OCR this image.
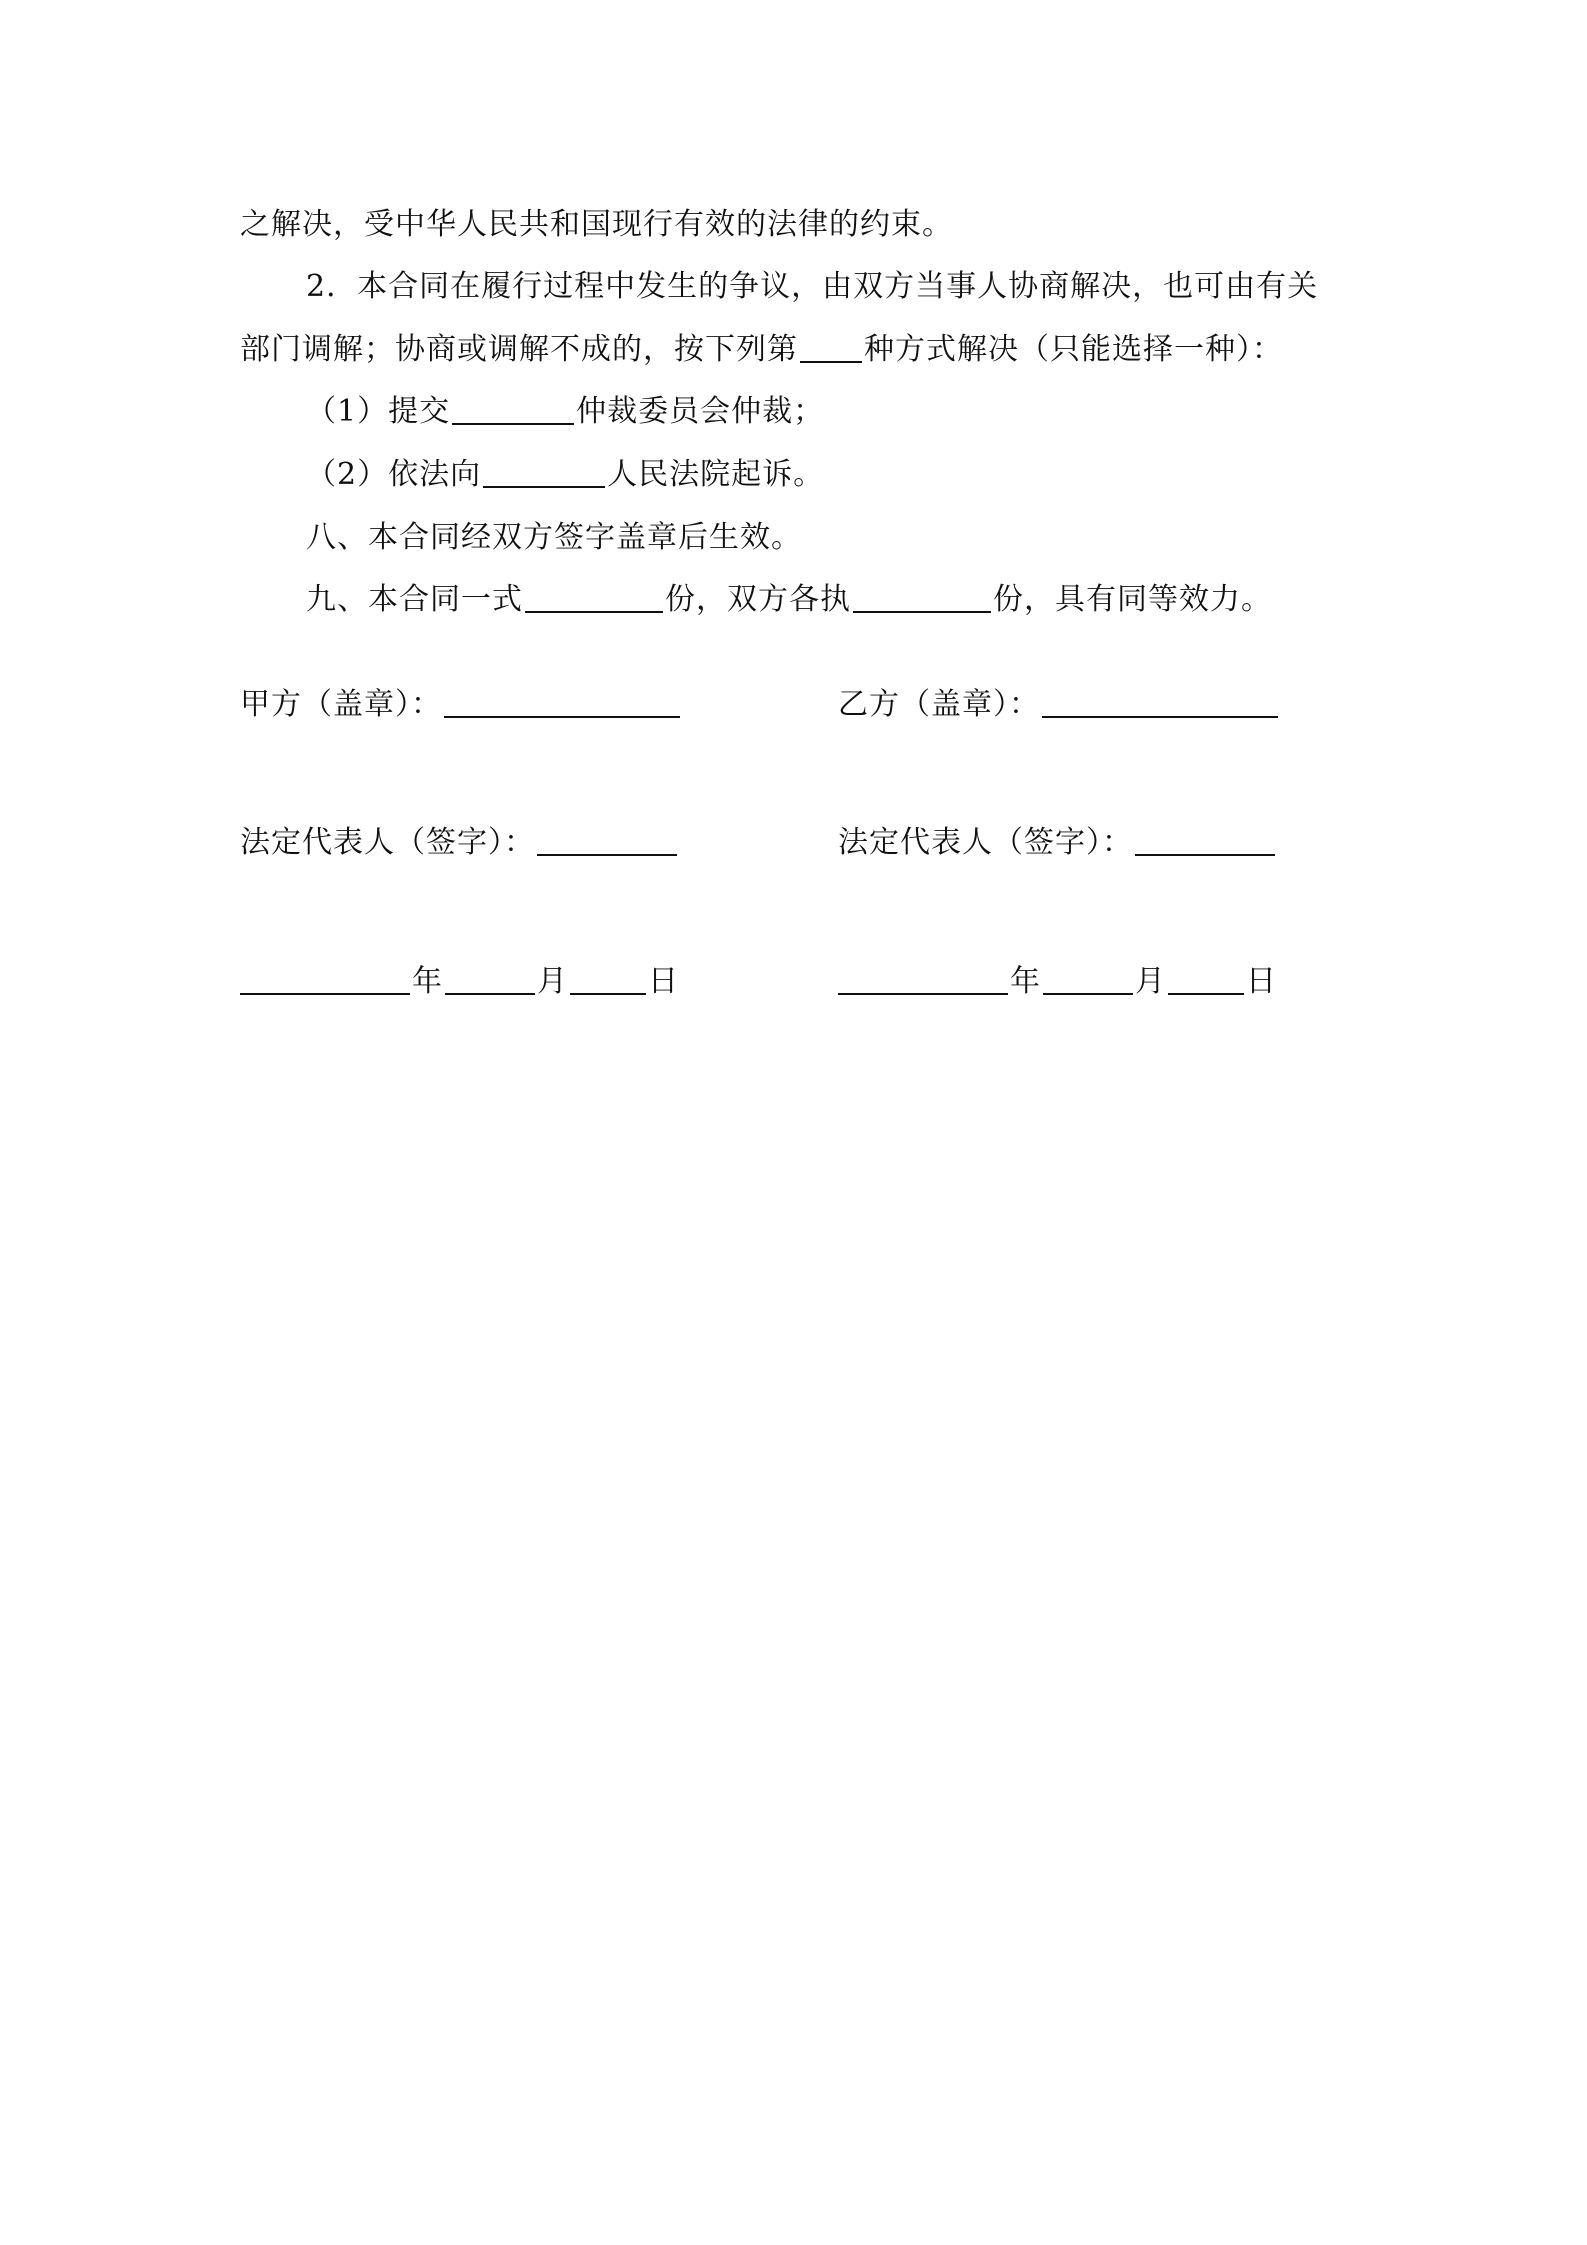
之解决，受中华人民共和国现行有效的法律的约束。
2．本合同在履行过程中发生的争议，由双方当事人协商解决，也可由有关
部门调解；协商或调解不成的，按下列第 种方式解决（只能选择一种）：
（1）提交	仲裁委员会仲裁；
（2）依法向	人民法院起诉。
八、本合同经双方签字盖章后生效。
九、本合同一式	份，双方各执	份，具有同等效力。
甲方（盖章）：	乙方（盖章）：
法定代表人（签字）：	法定代表人（签字）：
年	月	日	年	月	日
